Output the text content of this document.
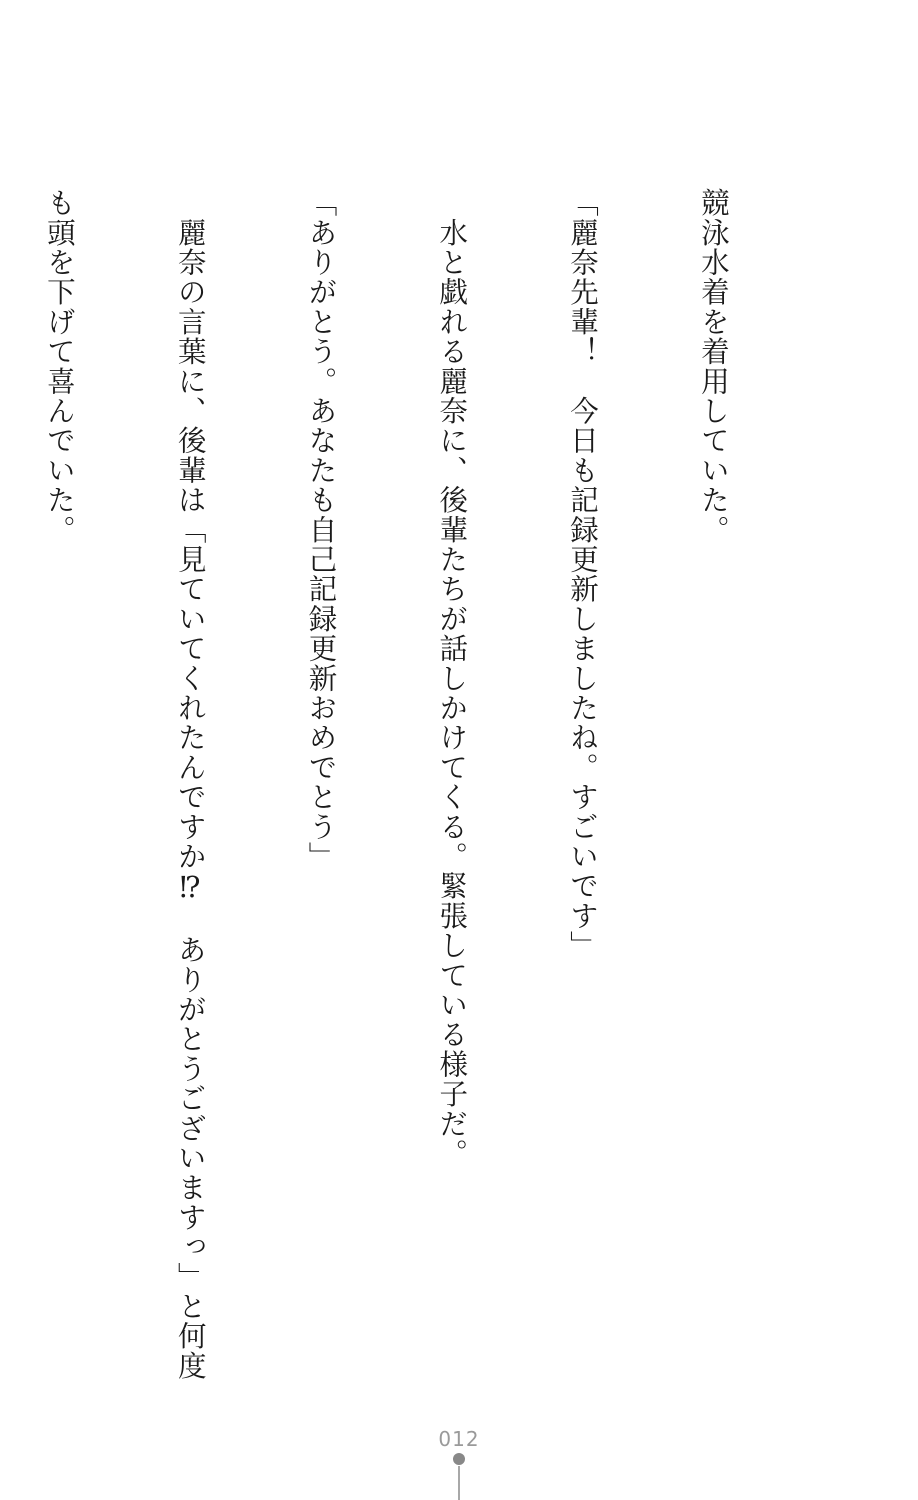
競泳水着を着用していた。

「麗奈先輩！　今日も記録更新しましたね。すごいです」

　水と戯れる麗奈に、後輩たちが話しかけてくる。緊張している様子だ。

「ありがとう。あなたも自己記録更新おめでとう」

　麗奈の言葉に、後輩は「見ていてくれたんですか⁉　ありがとうございますっ」と何度

も頭を下げて喜んでいた。

012
